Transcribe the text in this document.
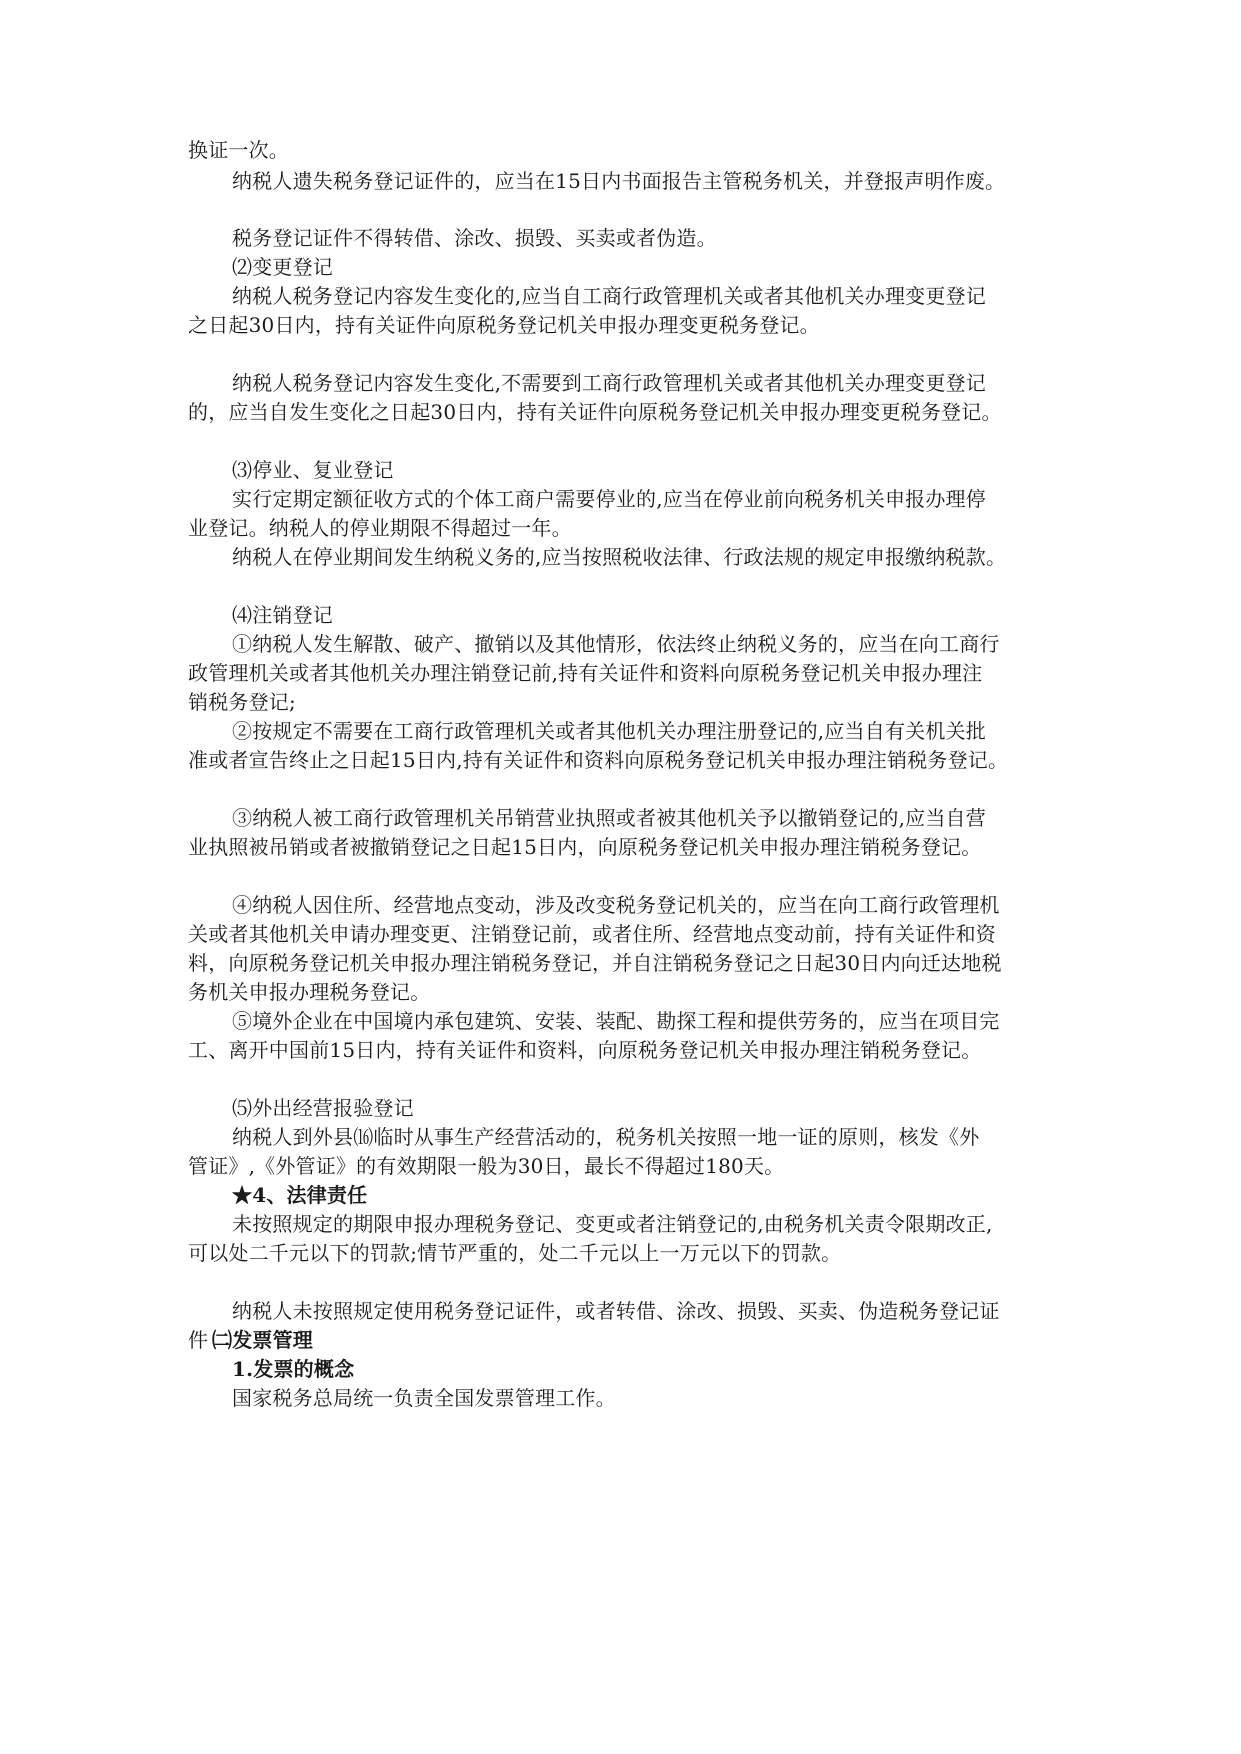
换证一次。
纳税人遗失税务登记证件的，应当在15日内书面报告主管税务机关，并登报声明作废。
税务登记证件不得转借、涂改、损毁、买卖或者伪造。
⑵变更登记
纳税人税务登记内容发生变化的,应当自工商行政管理机关或者其他机关办理变更登记
之日起30日内，持有关证件向原税务登记机关申报办理变更税务登记。
纳税人税务登记内容发生变化,不需要到工商行政管理机关或者其他机关办理变更登记
的，应当自发生变化之日起30日内，持有关证件向原税务登记机关申报办理变更税务登记。
⑶停业、复业登记
实行定期定额征收方式的个体工商户需要停业的,应当在停业前向税务机关申报办理停
业登记。纳税人的停业期限不得超过一年。
纳税人在停业期间发生纳税义务的,应当按照税收法律、行政法规的规定申报缴纳税款。
⑷注销登记
①纳税人发生解散、破产、撤销以及其他情形，依法终止纳税义务的，应当在向工商行
政管理机关或者其他机关办理注销登记前,持有关证件和资料向原税务登记机关申报办理注
销税务登记;
②按规定不需要在工商行政管理机关或者其他机关办理注册登记的,应当自有关机关批
准或者宣告终止之日起15日内,持有关证件和资料向原税务登记机关申报办理注销税务登记。
③纳税人被工商行政管理机关吊销营业执照或者被其他机关予以撤销登记的,应当自营
业执照被吊销或者被撤销登记之日起15日内，向原税务登记机关申报办理注销税务登记。
④纳税人因住所、经营地点变动，涉及改变税务登记机关的，应当在向工商行政管理机
关或者其他机关申请办理变更、注销登记前，或者住所、经营地点变动前，持有关证件和资
料，向原税务登记机关申报办理注销税务登记，并自注销税务登记之日起30日内向迁达地税
务机关申报办理税务登记。
⑤境外企业在中国境内承包建筑、安装、装配、勘探工程和提供劳务的，应当在项目完
工、离开中国前15日内，持有关证件和资料，向原税务登记机关申报办理注销税务登记。
⑸外出经营报验登记
纳税人到外县⒃临时从事生产经营活动的，税务机关按照一地一证的原则，核发《外
管证》,《外管证》的有效期限一般为30日，最长不得超过180天。
★4、法律责任
未按照规定的期限申报办理税务登记、变更或者注销登记的,由税务机关责令限期改正,
可以处二千元以下的罚款;情节严重的，处二千元以上一万元以下的罚款。
纳税人未按照规定使用税务登记证件，或者转借、涂改、损毁、买卖、伪造税务登记证
件 ㈡发票管理
1.发票的概念
国家税务总局统一负责全国发票管理工作。
